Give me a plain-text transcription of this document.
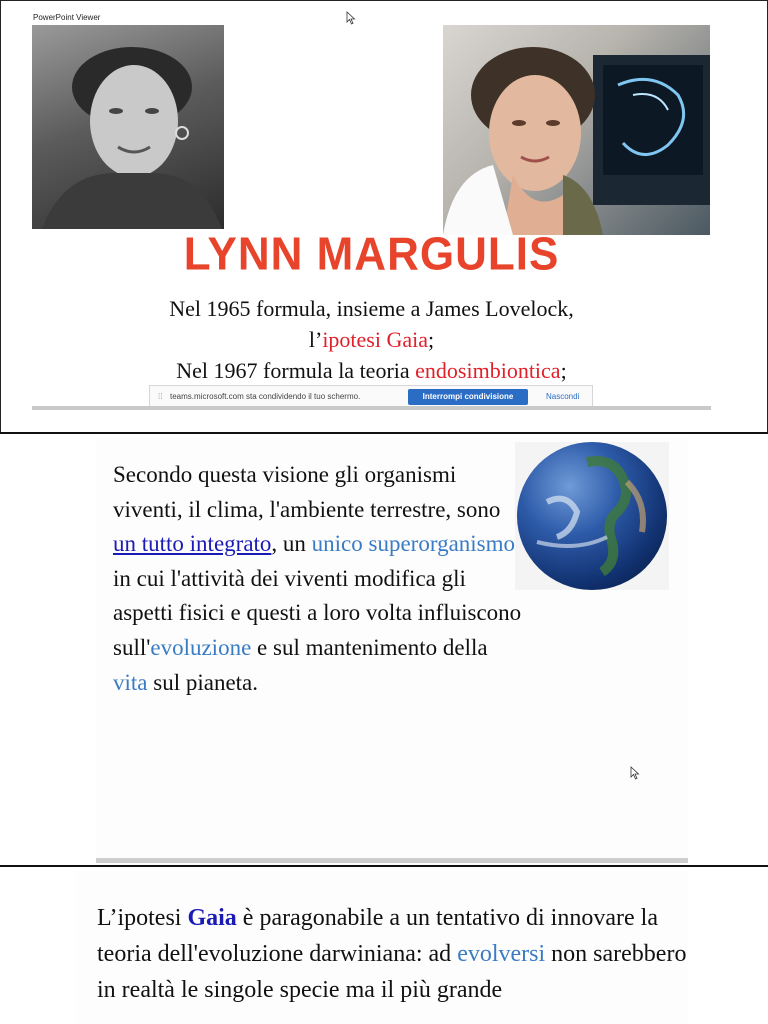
PowerPoint Viewer
LYNN MARGULIS
Nel 1965 formula, insieme a James Lovelock,
l’ipotesi Gaia;
Nel 1967 formula la teoria endosimbiontica;
⁞⁞ teams.microsoft.com sta condividendo il tuo schermo.	Interrompi condivisione	Nascondi
Secondo questa visione gli organismi viventi, il clima, l'ambiente terrestre, sono un tutto integrato, un unico superorganismo in cui l'attività dei viventi modifica gli aspetti fisici e questi a loro volta influiscono sull'evoluzione e sul mantenimento della vita sul pianeta.
L’ipotesi Gaia è paragonabile a un tentativo di innovare la teoria dell'evoluzione darwiniana: ad evolversi non sarebbero in realtà le singole specie ma il più grande
